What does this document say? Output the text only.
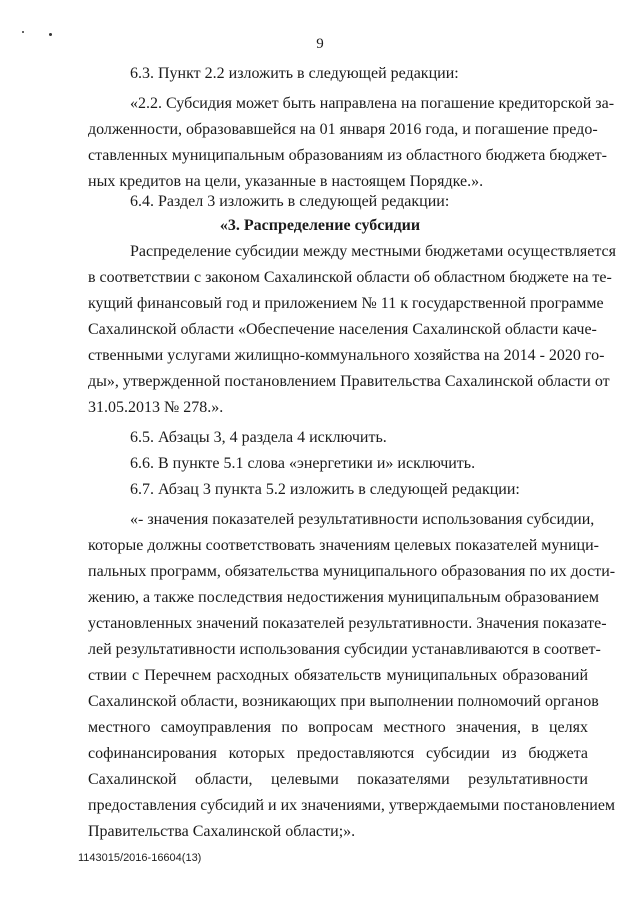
9
6.3. Пункт 2.2 изложить в следующей редакции:
«2.2. Субсидия может быть направлена на погашение кредиторской за-
долженности, образовавшейся на 01 января 2016 года, и погашение предо-
ставленных муниципальным образованиям из областного бюджета бюджет-
ных кредитов на цели, указанные в настоящем Порядке.».
6.4. Раздел 3 изложить в следующей редакции:
«3. Распределение субсидии
Распределение субсидии между местными бюджетами осуществляется
в соответствии с законом Сахалинской области об областном бюджете на те-
кущий финансовый год и приложением № 11 к государственной программе
Сахалинской области «Обеспечение населения Сахалинской области каче-
ственными услугами жилищно-коммунального хозяйства на 2014 - 2020 го-
ды», утвержденной постановлением Правительства Сахалинской области от
31.05.2013 № 278.».
6.5. Абзацы 3, 4 раздела 4 исключить.
6.6. В пункте 5.1 слова «энергетики и» исключить.
6.7. Абзац 3 пункта 5.2 изложить в следующей редакции:
«- значения показателей результативности использования субсидии,
которые должны соответствовать значениям целевых показателей муници-
пальных программ, обязательства муниципального образования по их дости-
жению, а также последствия недостижения муниципальным образованием
установленных значений показателей результативности. Значения показате-
лей результативности использования субсидии устанавливаются в соответ-
ствии с Перечнем расходных обязательств муниципальных образований
Сахалинской области, возникающих при выполнении полномочий органов
местного самоуправления по вопросам местного значения, в целях
софинансирования которых предоставляются субсидии из бюджета
Сахалинской области, целевыми показателями результативности
предоставления субсидий и их значениями, утверждаемыми постановлением
Правительства Сахалинской области;».
1143015/2016-16604(13)
